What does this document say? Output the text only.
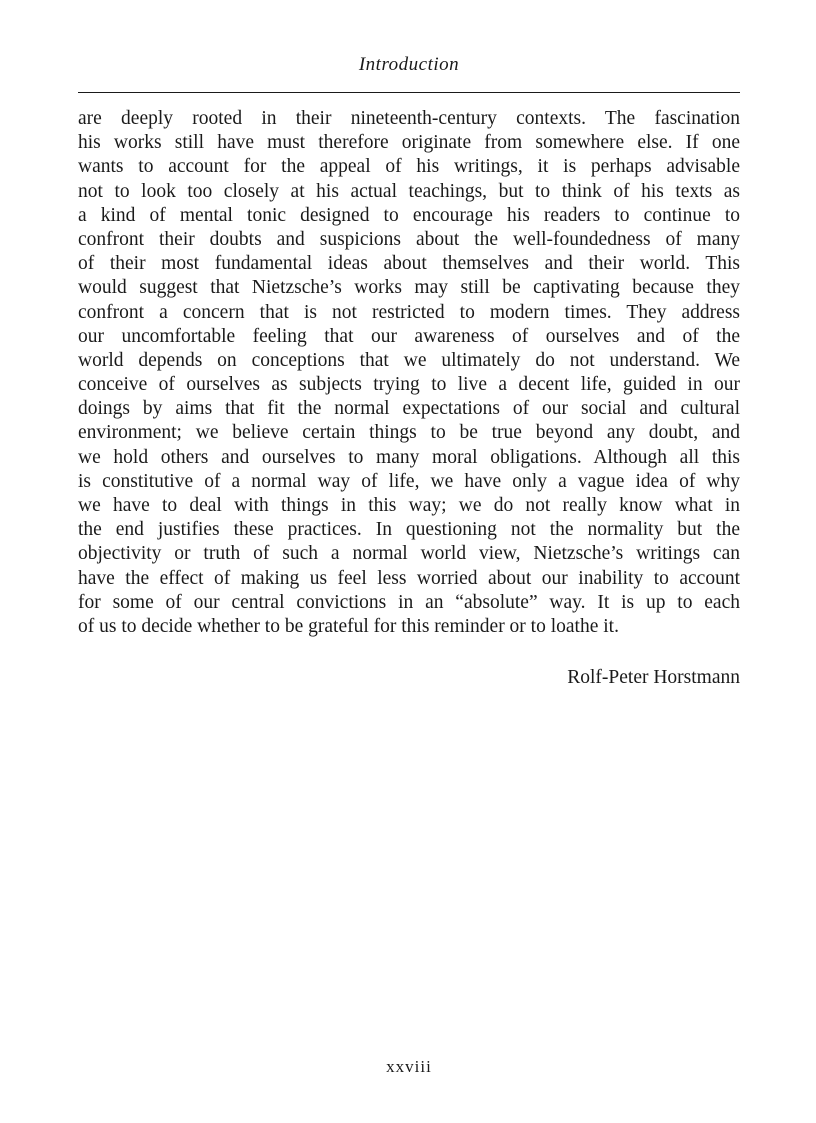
Introduction
are deeply rooted in their nineteenth-century contexts. The fascination
his works still have must therefore originate from somewhere else. If one
wants to account for the appeal of his writings, it is perhaps advisable
not to look too closely at his actual teachings, but to think of his texts as
a kind of mental tonic designed to encourage his readers to continue to
confront their doubts and suspicions about the well-foundedness of many
of their most fundamental ideas about themselves and their world. This
would suggest that Nietzsche’s works may still be captivating because they
confront a concern that is not restricted to modern times. They address
our uncomfortable feeling that our awareness of ourselves and of the
world depends on conceptions that we ultimately do not understand. We
conceive of ourselves as subjects trying to live a decent life, guided in our
doings by aims that fit the normal expectations of our social and cultural
environment; we believe certain things to be true beyond any doubt, and
we hold others and ourselves to many moral obligations. Although all this
is constitutive of a normal way of life, we have only a vague idea of why
we have to deal with things in this way; we do not really know what in
the end justifies these practices. In questioning not the normality but the
objectivity or truth of such a normal world view, Nietzsche’s writings can
have the effect of making us feel less worried about our inability to account
for some of our central convictions in an “absolute” way. It is up to each
of us to decide whether to be grateful for this reminder or to loathe it.
Rolf-Peter Horstmann
xxviii
